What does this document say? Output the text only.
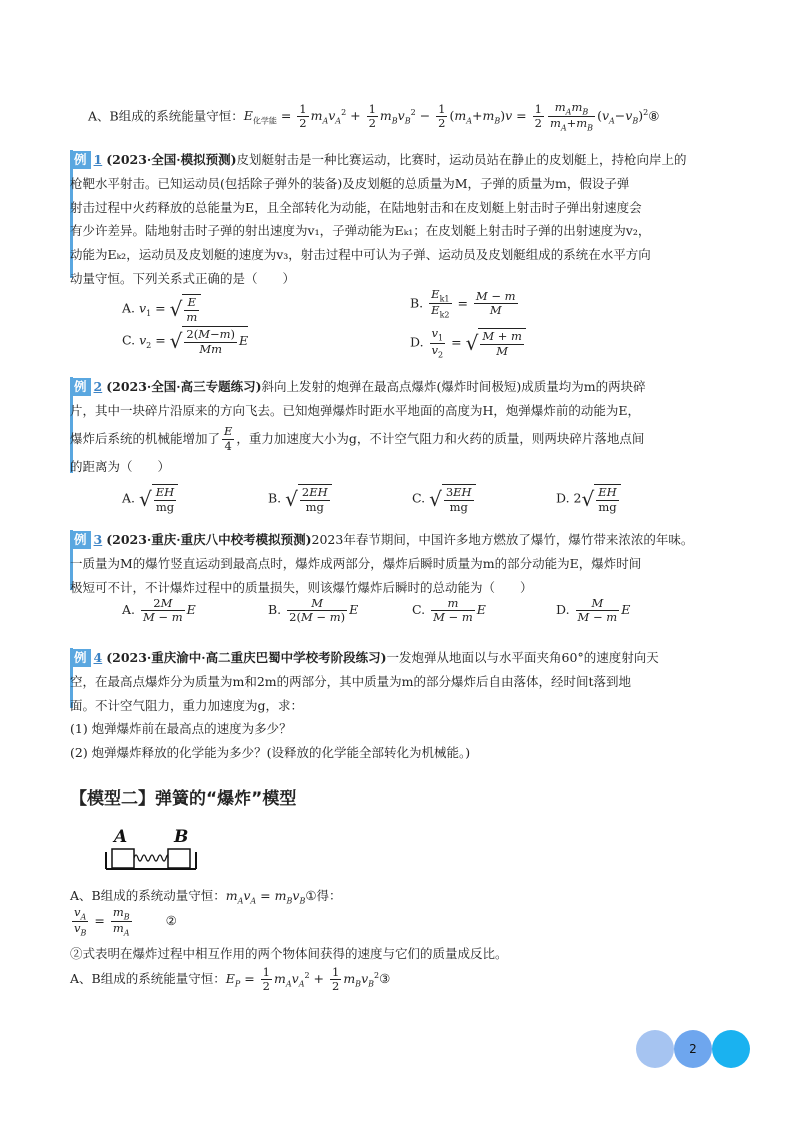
A、B组成的系统能量守恒：$E_{化学能} = \frac{1}{2} m_Av_A^2 + \frac{1}{2} m_Bv_B^2 - \frac{1}{2} (m_A+m_B)v = \frac{1}{2} \frac{m_Am_B}{m_A+m_B}$ $(v_A-v_B)^2⑧$

例 1 (2023·全国·模拟预测)皮划艇射击是一种比赛运动，比赛时，运动员站在静止的皮划艇上，持枪向岸上的

枪靶水平射击。已知运动员(包括除子弹外的装备)及皮划艇的总质量为M，子弹的质量为m，假设子弹

射击过程中火药释放的总能量为E，且全部转化为动能，在陆地射击和在皮划艇上射击时子弹出射速度会

有少许差异。陆地射击时子弹的射出速度为v₁，子弹动能为Eₖ₁；在皮划艇上射击时子弹的出射速度为v₂，

动能为Eₖ₂，运动员及皮划艇的速度为v₃，射击过程中可认为子弹、运动员及皮划艇组成的系统在水平方向

动量守恒。下列关系式正确的是（　　）

A. $v_1$ = √ $\frac{E}{m}$	B. $\frac{E_{k1}}{E_{k2}} = \frac{M - m}{M}$
C. $v_2$ = √ $\frac{2(M-m)}{Mm}$ E	D. $\frac{v_1}{v_2}$ = √ $\frac{M + m}{M}$

例 2 (2023·全国·高三专题练习)斜向上发射的炮弹在最高点爆炸(爆炸时间极短)成质量均为m的两块碎

片，其中一块碎片沿原来的方向飞去。已知炮弹爆炸时距水平地面的高度为H，炮弹爆炸前的动能为E，

爆炸后系统的机械能增加了 $\frac{E}{4}$ ，重力加速度大小为g，不计空气阻力和火药的质量，则两块碎片落地点间

的距离为（　　）

A. √ $\frac{EH}{mg}$	B. √ $\frac{2EH}{mg}$	C. √ $\frac{3EH}{mg}$	D. $2√ \frac{EH}{mg}$

例 3 (2023·重庆·重庆八中校考模拟预测)2023年春节期间，中国许多地方燃放了爆竹，爆竹带来浓浓的年味。

一质量为M的爆竹竖直运动到最高点时，爆炸成两部分，爆炸后瞬时质量为m的部分动能为E，爆炸时间

极短可不计，不计爆炸过程中的质量损失，则该爆竹爆炸后瞬时的总动能为（　　）

A. $\frac{2M}{M - m}$ E	B. $\frac{M}{2(M - m)}$ E	C. $\frac{m}{M - m}$ E	D. $\frac{M}{M - m}$ E

例 4 (2023·重庆渝中·高二重庆巴蜀中学校考阶段练习)一发炮弹从地面以与水平面夹角60°的速度射向天

空，在最高点爆炸分为质量为m和2m的两部分，其中质量为m的部分爆炸后自由落体，经时间t落到地

面。不计空气阻力，重力加速度为g，求：

(1) 炮弹爆炸前在最高点的速度为多少？

(2) 炮弹爆炸释放的化学能为多少？(设释放的化学能全部转化为机械能。)

【模型二】弹簧的“爆炸”模型
A	B
A、B组成的系统动量守恒：$m_Av_A$ = $m_Bv_B①$得：
$\frac{v_A}{v_B} = \frac{m_B}{m_A}$	②
②式表明在爆炸过程中相互作用的两个物体间获得的速度与它们的质量成反比。
A、B组成的系统能量守恒：$E_P = \frac{1}{2} m_Av_A^2 + \frac{1}{2}$ $m_Bv_B^2③$
2
